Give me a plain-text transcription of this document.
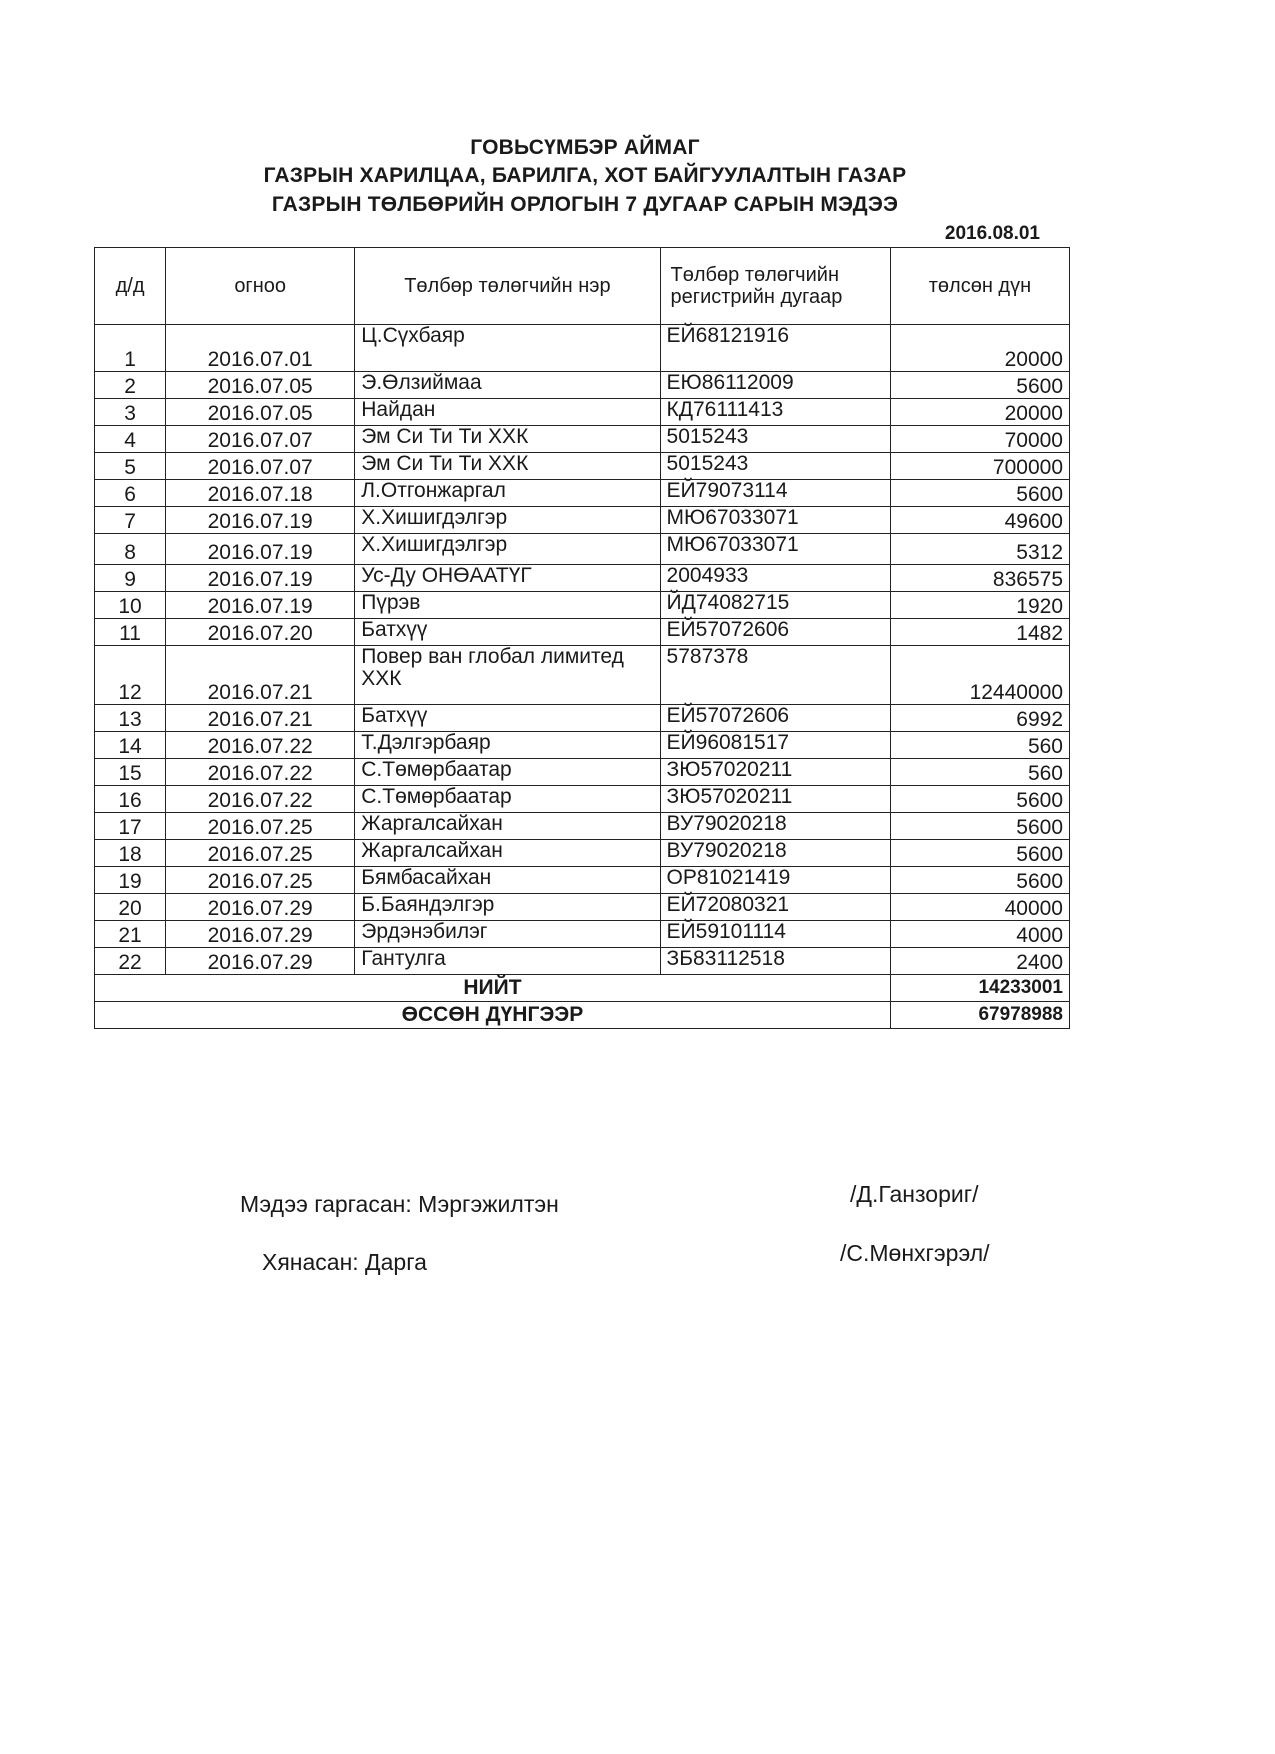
ГОВЬСҮМБЭР АЙМАГ
ГАЗРЫН ХАРИЛЦАА, БАРИЛГА, ХОТ БАЙГУУЛАЛТЫН ГАЗАР
ГАЗРЫН ТӨЛБӨРИЙН ОРЛОГЫН 7 ДУГААР САРЫН МЭДЭЭ
2016.08.01
д/д	огноо	Төлбөр төлөгчийн нэр	Төлбөр төлөгчийн регистрийн дугаар	төлсөн дүн
1	2016.07.01	Ц.Сүхбаяр	ЕЙ68121916	20000
2	2016.07.05	Э.Өлзиймаа	ЕЮ86112009	5600
3	2016.07.05	Найдан	КД76111413	20000
4	2016.07.07	Эм Си Ти Ти ХХК	5015243	70000
5	2016.07.07	Эм Си Ти Ти ХХК	5015243	700000
6	2016.07.18	Л.Отгонжаргал	ЕЙ79073114	5600
7	2016.07.19	Х.Хишигдэлгэр	МЮ67033071	49600
8	2016.07.19	Х.Хишигдэлгэр	МЮ67033071	5312
9	2016.07.19	Ус-Ду ОНӨААТҮГ	2004933	836575
10	2016.07.19	Пүрэв	ЙД74082715	1920
11	2016.07.20	Батхүү	ЕЙ57072606	1482
12	2016.07.21	Повер ван глобал лимитед ХХК	5787378	12440000
13	2016.07.21	Батхүү	ЕЙ57072606	6992
14	2016.07.22	Т.Дэлгэрбаяр	ЕЙ96081517	560
15	2016.07.22	С.Төмөрбаатар	ЗЮ57020211	560
16	2016.07.22	С.Төмөрбаатар	ЗЮ57020211	5600
17	2016.07.25	Жаргалсайхан	ВУ79020218	5600
18	2016.07.25	Жаргалсайхан	ВУ79020218	5600
19	2016.07.25	Бямбасайхан	ОР81021419	5600
20	2016.07.29	Б.Баяндэлгэр	ЕЙ72080321	40000
21	2016.07.29	Эрдэнэбилэг	ЕЙ59101114	4000
22	2016.07.29	Гантулга	ЗБ83112518	2400
НИЙТ				14233001
ӨССӨН ДҮНГЭЭР				67978988
Мэдээ гаргасан: Мэргэжилтэн	/Д.Ганзориг/
Хянасан: Дарга	/С.Мөнхгэрэл/
